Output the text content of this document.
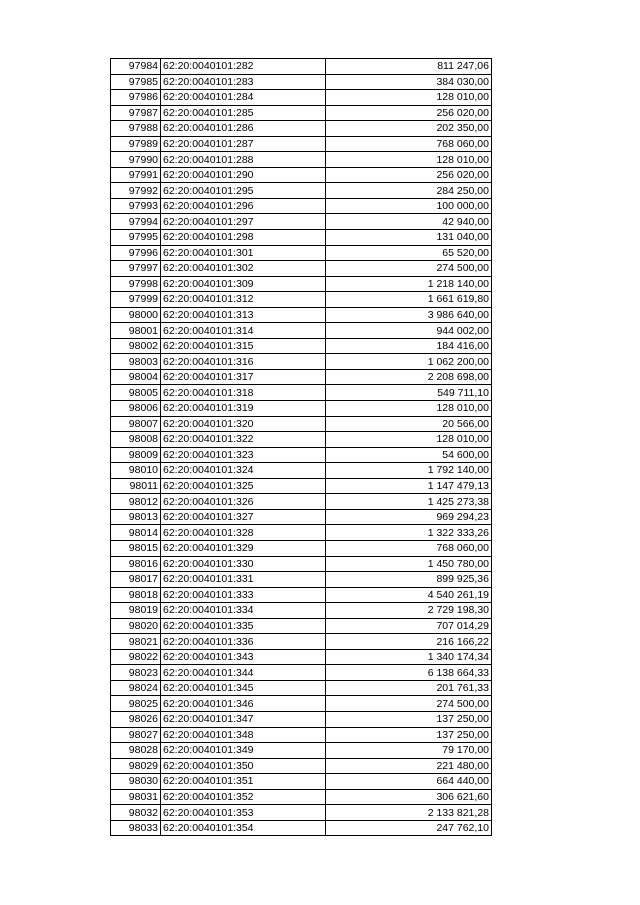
97984	62:20:0040101:282	811 247,06
97985	62:20:0040101:283	384 030,00
97986	62:20:0040101:284	128 010,00
97987	62:20:0040101:285	256 020,00
97988	62:20:0040101:286	202 350,00
97989	62:20:0040101:287	768 060,00
97990	62:20:0040101:288	128 010,00
97991	62:20:0040101:290	256 020,00
97992	62:20:0040101:295	284 250,00
97993	62:20:0040101:296	100 000,00
97994	62:20:0040101:297	42 940,00
97995	62:20:0040101:298	131 040,00
97996	62:20:0040101:301	65 520,00
97997	62:20:0040101:302	274 500,00
97998	62:20:0040101:309	1 218 140,00
97999	62:20:0040101:312	1 661 619,80
98000	62:20:0040101:313	3 986 640,00
98001	62:20:0040101:314	944 002,00
98002	62:20:0040101:315	184 416,00
98003	62:20:0040101:316	1 062 200,00
98004	62:20:0040101:317	2 208 698,00
98005	62:20:0040101:318	549 711,10
98006	62:20:0040101:319	128 010,00
98007	62:20:0040101:320	20 566,00
98008	62:20:0040101:322	128 010,00
98009	62:20:0040101:323	54 600,00
98010	62:20:0040101:324	1 792 140,00
98011	62:20:0040101:325	1 147 479,13
98012	62:20:0040101:326	1 425 273,38
98013	62:20:0040101:327	969 294,23
98014	62:20:0040101:328	1 322 333,26
98015	62:20:0040101:329	768 060,00
98016	62:20:0040101:330	1 450 780,00
98017	62:20:0040101:331	899 925,36
98018	62:20:0040101:333	4 540 261,19
98019	62:20:0040101:334	2 729 198,30
98020	62:20:0040101:335	707 014,29
98021	62:20:0040101:336	216 166,22
98022	62:20:0040101:343	1 340 174,34
98023	62:20:0040101:344	6 138 664,33
98024	62:20:0040101:345	201 761,33
98025	62:20:0040101:346	274 500,00
98026	62:20:0040101:347	137 250,00
98027	62:20:0040101:348	137 250,00
98028	62:20:0040101:349	79 170,00
98029	62:20:0040101:350	221 480,00
98030	62:20:0040101:351	664 440,00
98031	62:20:0040101:352	306 621,60
98032	62:20:0040101:353	2 133 821,28
98033	62:20:0040101:354	247 762,10
